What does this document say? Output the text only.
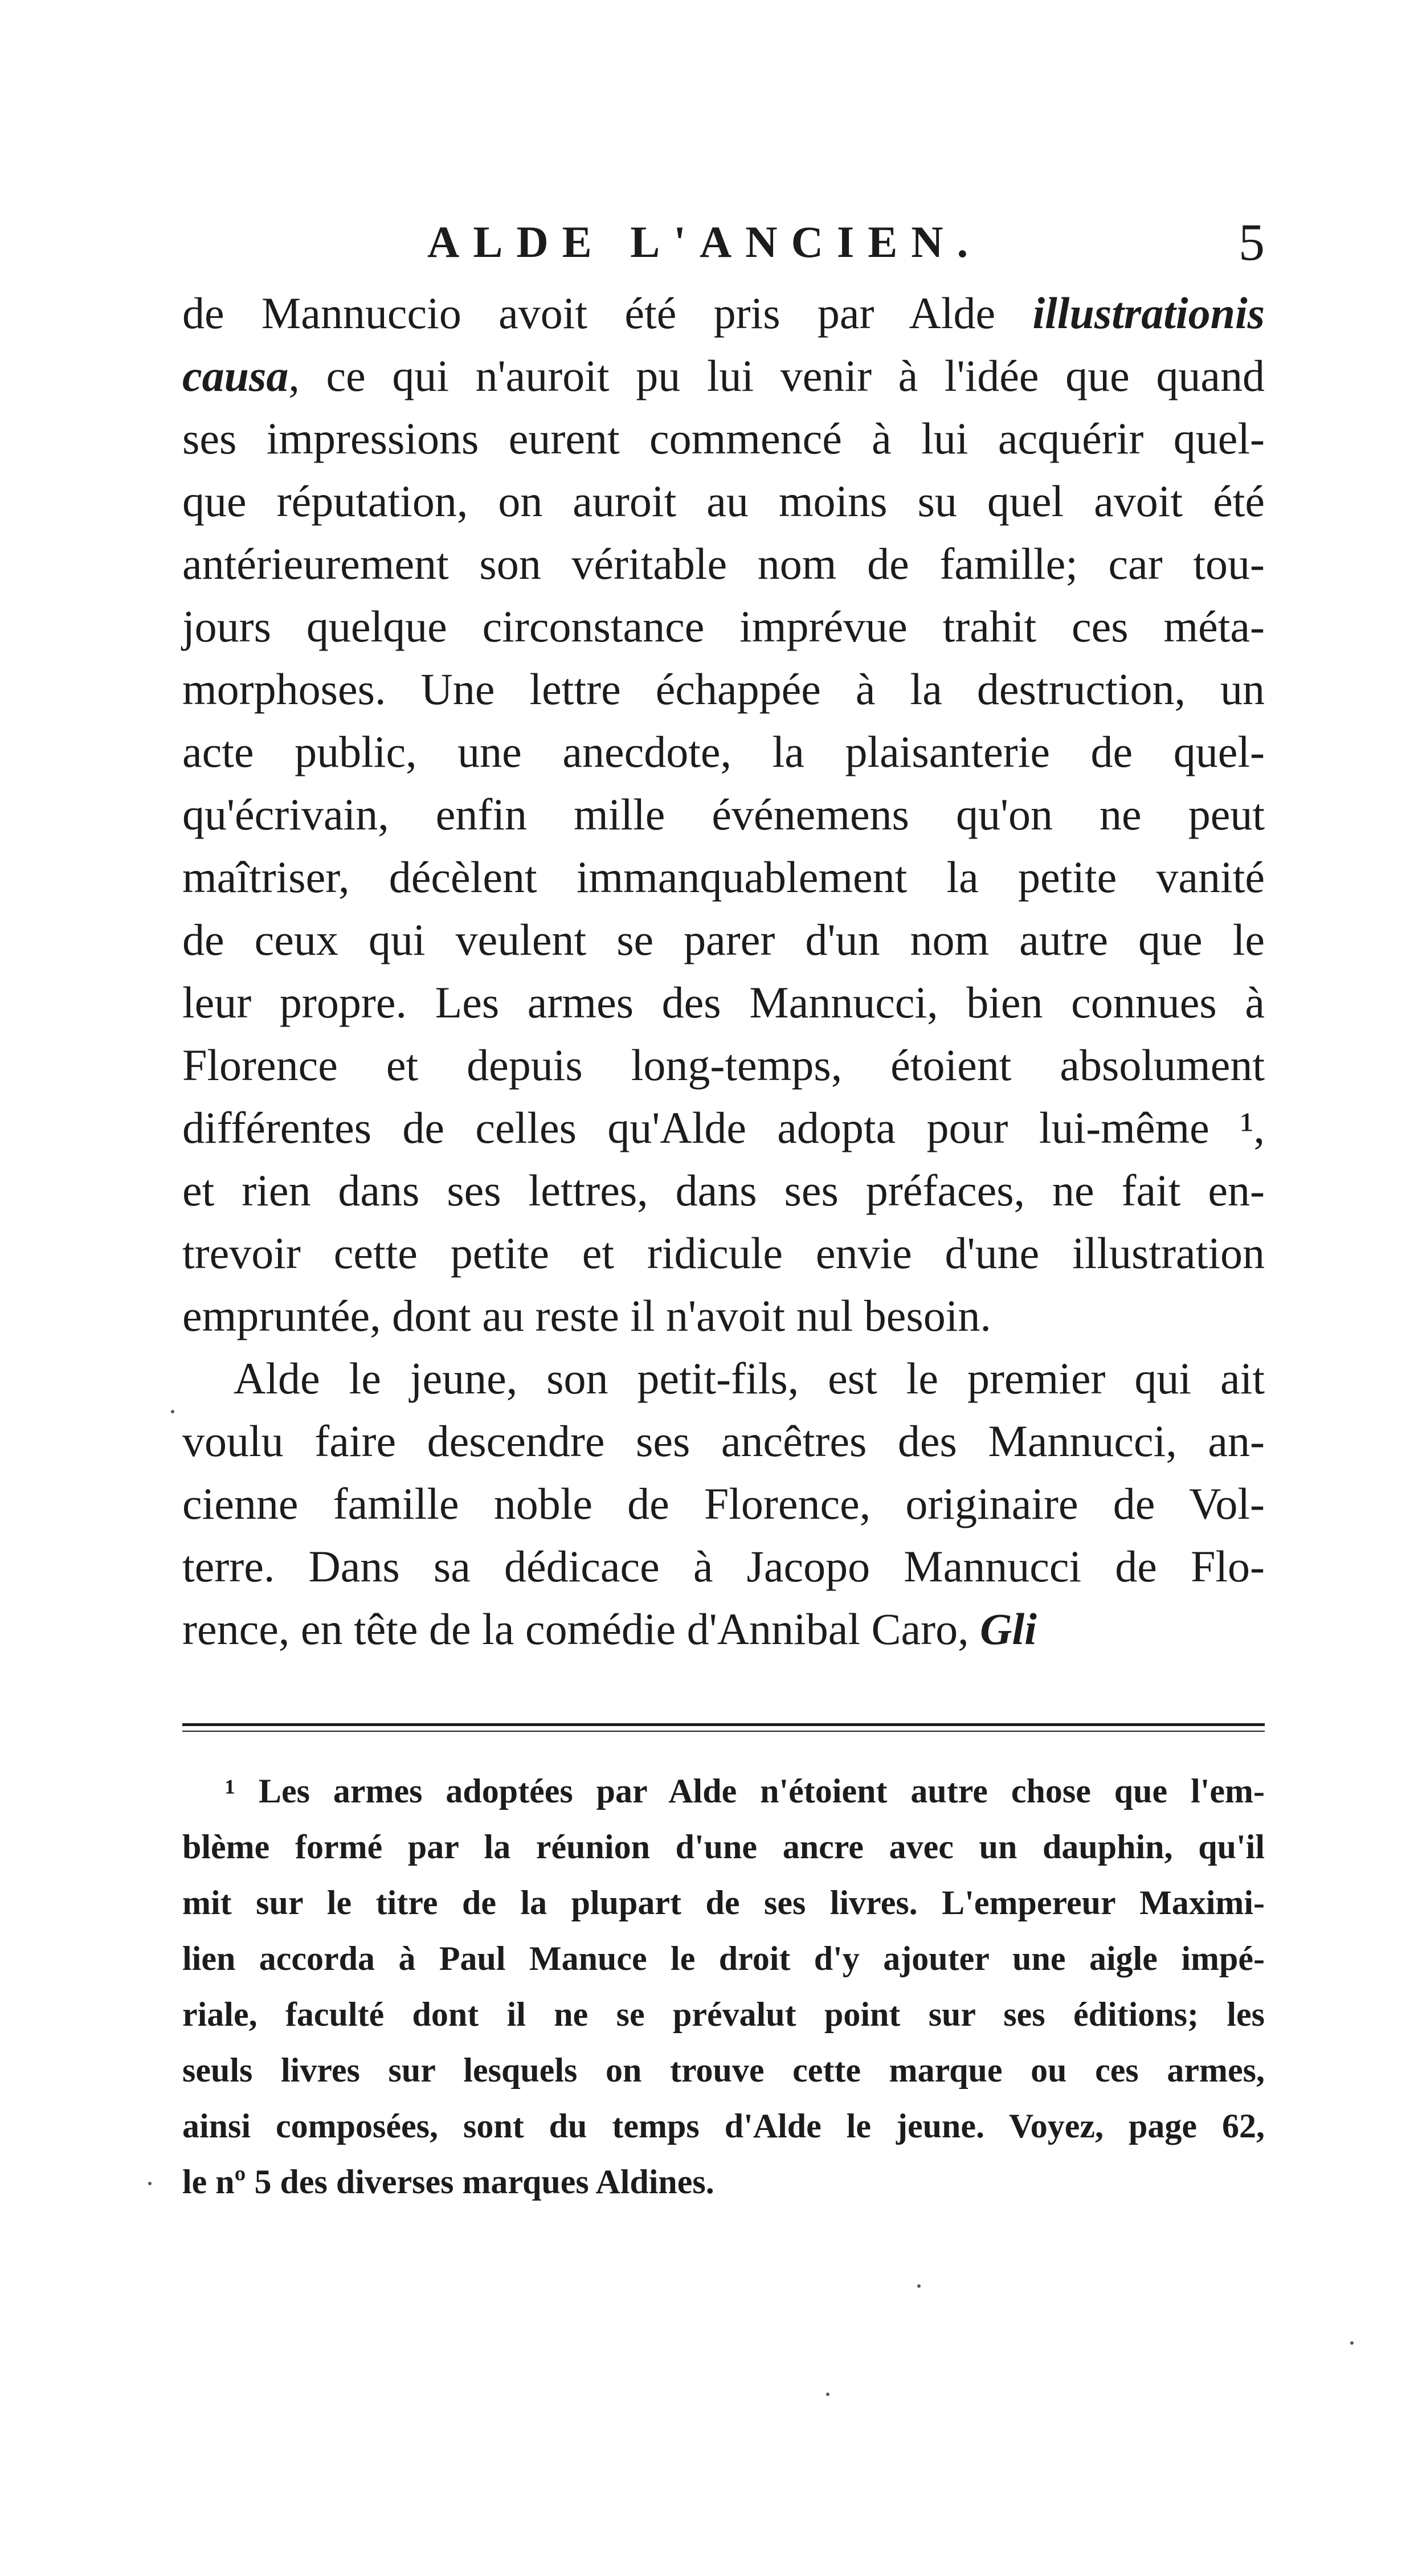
ALDE L'ANCIEN.	5
de Mannuccio avoit été pris par Alde illustrationis
causa, ce qui n'auroit pu lui venir à l'idée que quand
ses impressions eurent commencé à lui acquérir quel-
que réputation, on auroit au moins su quel avoit été
antérieurement son véritable nom de famille; car tou-
jours quelque circonstance imprévue trahit ces méta-
morphoses. Une lettre échappée à la destruction, un
acte public, une anecdote, la plaisanterie de quel-
qu'écrivain, enfin mille événemens qu'on ne peut
maîtriser, décèlent immanquablement la petite vanité
de ceux qui veulent se parer d'un nom autre que le
leur propre. Les armes des Mannucci, bien connues à
Florence et depuis long-temps, étoient absolument
différentes de celles qu'Alde adopta pour lui-même ¹,
et rien dans ses lettres, dans ses préfaces, ne fait en-
trevoir cette petite et ridicule envie d'une illustration
empruntée, dont au reste il n'avoit nul besoin.
Alde le jeune, son petit-fils, est le premier qui ait
voulu faire descendre ses ancêtres des Mannucci, an-
cienne famille noble de Florence, originaire de Vol-
terre. Dans sa dédicace à Jacopo Mannucci de Flo-
rence, en tête de la comédie d'Annibal Caro, Gli
¹ Les armes adoptées par Alde n'étoient autre chose que l'em-
blème formé par la réunion d'une ancre avec un dauphin, qu'il
mit sur le titre de la plupart de ses livres. L'empereur Maximi-
lien accorda à Paul Manuce le droit d'y ajouter une aigle impé-
riale, faculté dont il ne se prévalut point sur ses éditions; les
seuls livres sur lesquels on trouve cette marque ou ces armes,
ainsi composées, sont du temps d'Alde le jeune. Voyez, page 62,
le nº 5 des diverses marques Aldines.
